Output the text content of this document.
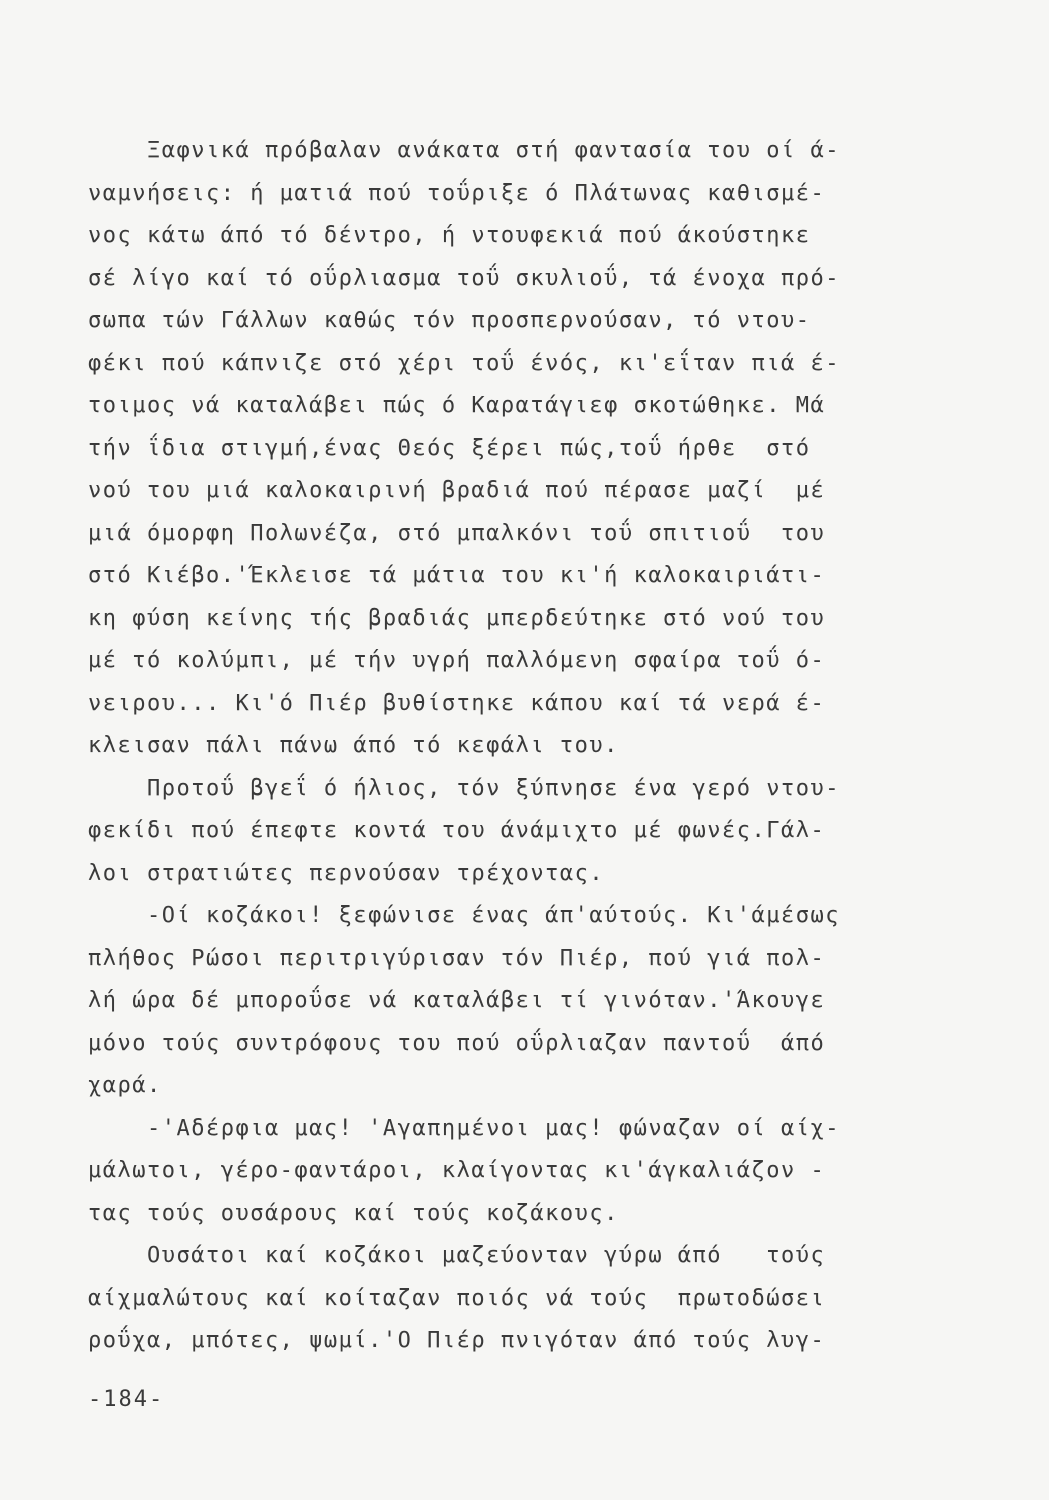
Ξαφνικά πρόβαλαν ανάκατα στή φαντασία του οί ά-
ναμνήσεις: ή ματιά πού τοΰριξε ό Πλάτωνας καθισμέ-
νος κάτω άπό τό δέντρο, ή ντουφεκιά πού άκούστηκε
σέ λίγο καί τό οΰρλιασμα τοΰ σκυλιοΰ, τά ένοχα πρό-
σωπα τών Γάλλων καθώς τόν προσπερνούσαν, τό ντου-
φέκι πού κάπνιζε στό χέρι τοΰ ένός, κι'εΐταν πιά έ-
τοιμος νά καταλάβει πώς ό Καρατάγιεφ σκοτώθηκε. Μά
τήν ΐδια στιγμή,ένας Θεός ξέρει πώς,τοΰ ήρθε  στό
νού του μιά καλοκαιρινή βραδιά πού πέρασε μαζί  μέ
μιά όμορφη Πολωνέζα, στό μπαλκόνι τοΰ σπιτιοΰ  του
στό Κιέβο.'Έκλεισε τά μάτια του κι'ή καλοκαιριάτι-
κη φύση κείνης τής βραδιάς μπερδεύτηκε στό νού του
μέ τό κολύμπι, μέ τήν υγρή παλλόμενη σφαίρα τοΰ ό-
νειρου... Κι'ό Πιέρ βυθίστηκε κάπου καί τά νερά έ-
κλεισαν πάλι πάνω άπό τό κεφάλι του.
Προτοΰ βγεΐ ό ήλιος, τόν ξύπνησε ένα γερό ντου-
φεκίδι πού έπεφτε κοντά του άνάμιχτο μέ φωνές.Γάλ-
λοι στρατιώτες περνούσαν τρέχοντας.
-Οί κοζάκοι! ξεφώνισε ένας άπ'αύτούς. Κι'άμέσως
πλήθος Ρώσοι περιτριγύρισαν τόν Πιέρ, πού γιά πολ-
λή ώρα δέ μποροΰσε νά καταλάβει τί γινόταν.'Άκουγε
μόνο τούς συντρόφους του πού οΰρλιαζαν παντοΰ  άπό
χαρά.
-'Αδέρφια μας! 'Αγαπημένοι μας! φώναζαν οί αίχ-
μάλωτοι, γέρο-φαντάροι, κλαίγοντας κι'άγκαλιάζον -
τας τούς ουσάρους καί τούς κοζάκους.
Ουσάτοι καί κοζάκοι μαζεύονταν γύρω άπό   τούς
αίχμαλώτους καί κοίταζαν ποιός νά τούς  πρωτοδώσει
ροΰχα, μπότες, ψωμί.'Ο Πιέρ πνιγόταν άπό τούς λυγ-
-184-
